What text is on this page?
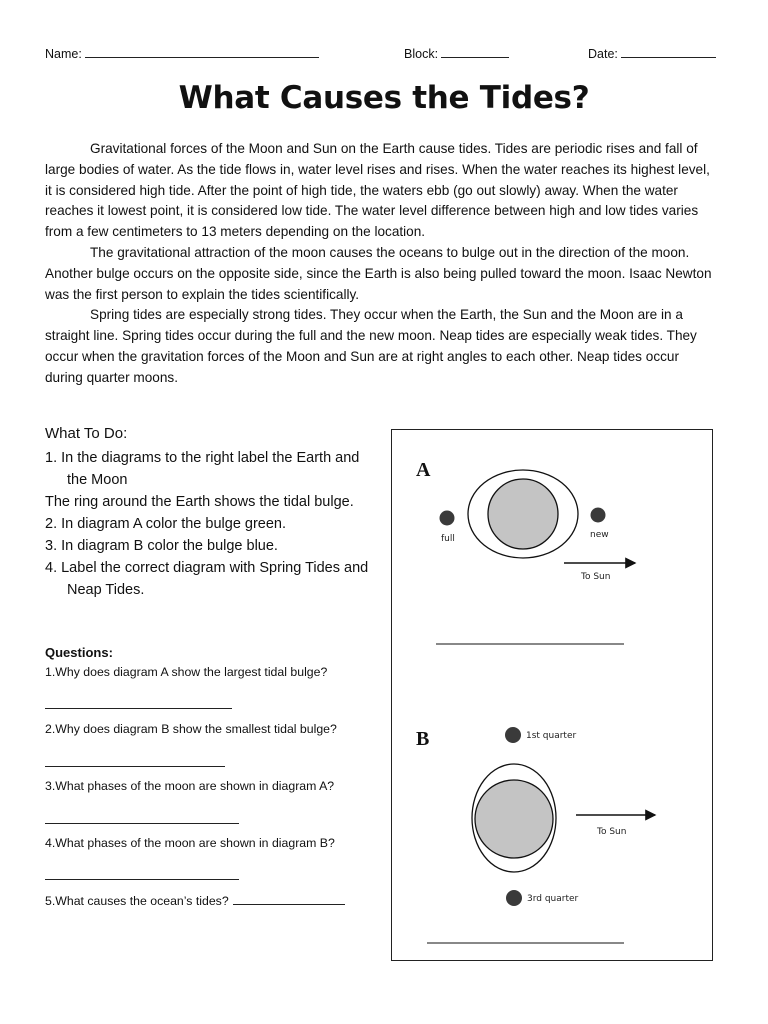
Name:	Block:	Date:
What Causes the Tides?

Gravitational forces of the Moon and Sun on the Earth cause tides. Tides are periodic rises and fall of large bodies of water. As the tide flows in, water level rises and rises. When the water reaches its highest level, it is considered high tide. After the point of high tide, the waters ebb (go out slowly) away. When the water reaches it lowest point, it is considered low tide. The water level difference between high and low tides varies from a few centimeters to 13 meters depending on the location.

The gravitational attraction of the moon causes the oceans to bulge out in the direction of the moon. Another bulge occurs on the opposite side, since the Earth is also being pulled toward the moon. Isaac Newton was the first person to explain the tides scientifically.

Spring tides are especially strong tides. They occur when the Earth, the Sun and the Moon are in a straight line. Spring tides occur during the full and the new moon. Neap tides are especially weak tides. They occur when the gravitation forces of the Moon and Sun are at right angles to each other. Neap tides occur during quarter moons.

What To Do:
1. In the diagrams to the right label the Earth and the Moon
The ring around the Earth shows the tidal bulge.
2. In diagram A color the bulge green.
3. In diagram B color the bulge blue.
4. Label the correct diagram with Spring Tides and Neap Tides.
Questions:
1.Why does diagram A show the largest tidal bulge?
2.Why does diagram B show the smallest tidal bulge?
3.What phases of the moon are shown in diagram A?
4.What phases of the moon are shown in diagram B?
5.What causes the ocean’s tides?
A
full	new
To Sun
B	1st quarter
To Sun
3rd quarter
